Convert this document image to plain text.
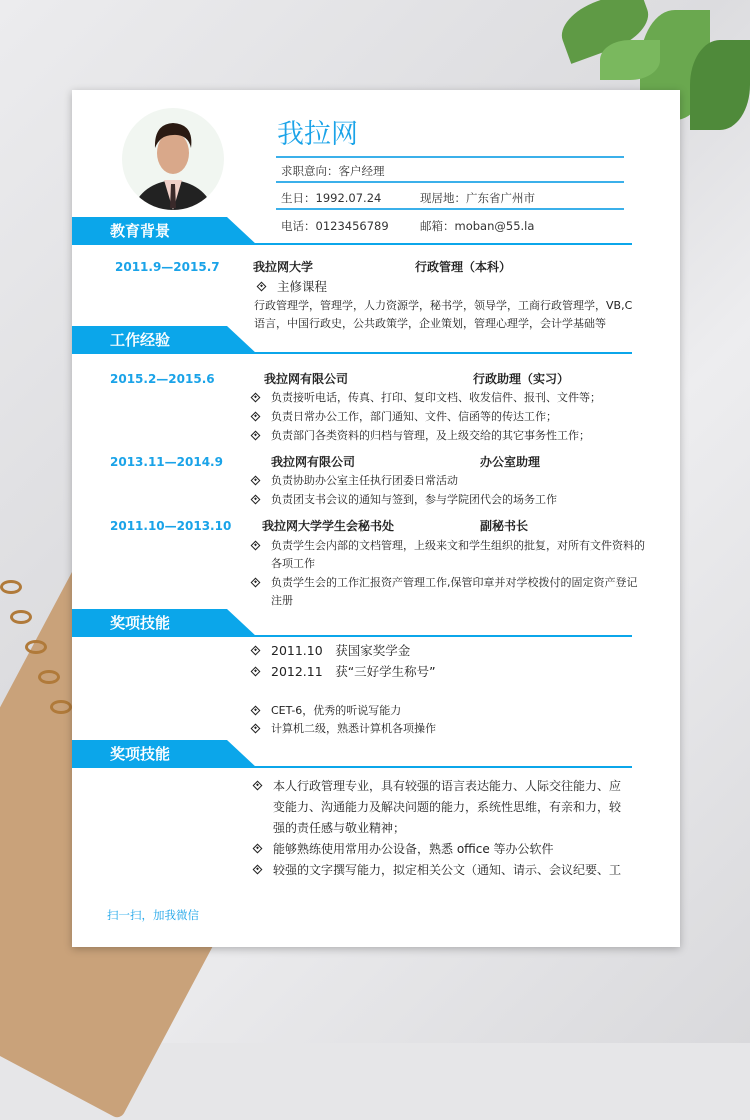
我拉网
求职意向：客户经理
生日：1992.07.24	现居地：广东省广州市
电话：0123456789	邮箱：moban@55.la
教育背景
2011.9—2015.7	我拉网大学	行政管理（本科）
主修课程
行政管理学，管理学，人力资源学，秘书学，领导学，工商行政管理学，VB,C
语言，中国行政史，公共政策学，企业策划，管理心理学，会计学基础等
工作经验
2015.2—2015.6	我拉网有限公司	行政助理（实习）
负责接听电话，传真、打印、复印文档、收发信件、报刊、文件等；
负责日常办公工作，部门通知、文件、信函等的传达工作；
负责部门各类资料的归档与管理，及上级交给的其它事务性工作；
2013.11—2014.9	我拉网有限公司	办公室助理
负责协助办公室主任执行团委日常活动
负责团支书会议的通知与签到，参与学院团代会的场务工作
2011.10—2013.10	我拉网大学学生会秘书处	副秘书长
负责学生会内部的文档管理，上级来文和学生组织的批复，对所有文件资料的
各项工作
负责学生会的工作汇报资产管理工作,保管印章并对学校拨付的固定资产登记
注册
奖项技能
2011.10　获国家奖学金
2012.11　获“三好学生称号”
CET-6，优秀的听说写能力
计算机二级，熟悉计算机各项操作
奖项技能
本人行政管理专业，具有较强的语言表达能力、人际交往能力、应
变能力、沟通能力及解决问题的能力，系统性思维，有亲和力，较
强的责任感与敬业精神；
能够熟练使用常用办公设备，熟悉 office 等办公软件
较强的文字撰写能力，拟定相关公文（通知、请示、会议纪要、工
扫一扫，加我微信
